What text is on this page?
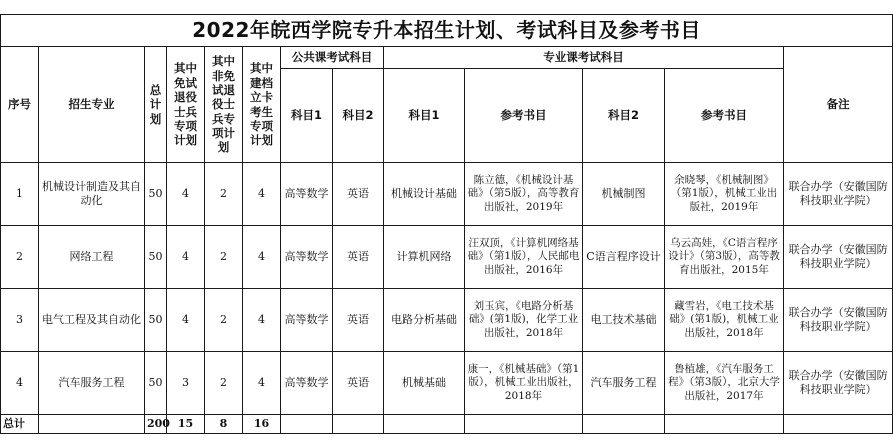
2022年皖西学院专升本招生计划、考试科目及参考书目												
序号	招生专业	总计划	其中免试退役士兵专项计划	其中非免试退役士兵专项计划	其中建档立卡考生专项计划	公共课考试科目		专业课考试科目				备注
						科目1	科目2	科目1	参考书目	科目2	参考书目	
1	机械设计制造及其自动化	50	4	2	4	高等数学	英语	机械设计基础	陈立德，《机械设计基础》（第5版），高等教育出版社，2019年	机械制图	余晓琴，《机械制图》（第1版），机械工业出版社，2019年	联合办学（安徽国防科技职业学院）
2	网络工程	50	4	2	4	高等数学	英语	计算机网络	汪双顶，《计算机网络基础》（第1版），人民邮电出版社，2016年	C语言程序设计	乌云高娃，《C语言程序设计》（第3版），高等教育出版社，2015年	联合办学（安徽国防科技职业学院）
3	电气工程及其自动化	50	4	2	4	高等数学	英语	电路分析基础	刘玉宾，《电路分析基础》(第1版)，化学工业出版社，2018年	电工技术基础	藏雪岩，《电工技术基础》(第1版)，机械工业出版社，2018年	联合办学（安徽国防科技职业学院）
4	汽车服务工程	50	3	2	4	高等数学	英语	机械基础	康一，《机械基础》（第1版），机械工业出版社，2018年	汽车服务工程	鲁植雄，《汽车服务工程》（第3版），北京大学出版社，2017年	联合办学（安徽国防科技职业学院）
总计		200	15	8	16							
